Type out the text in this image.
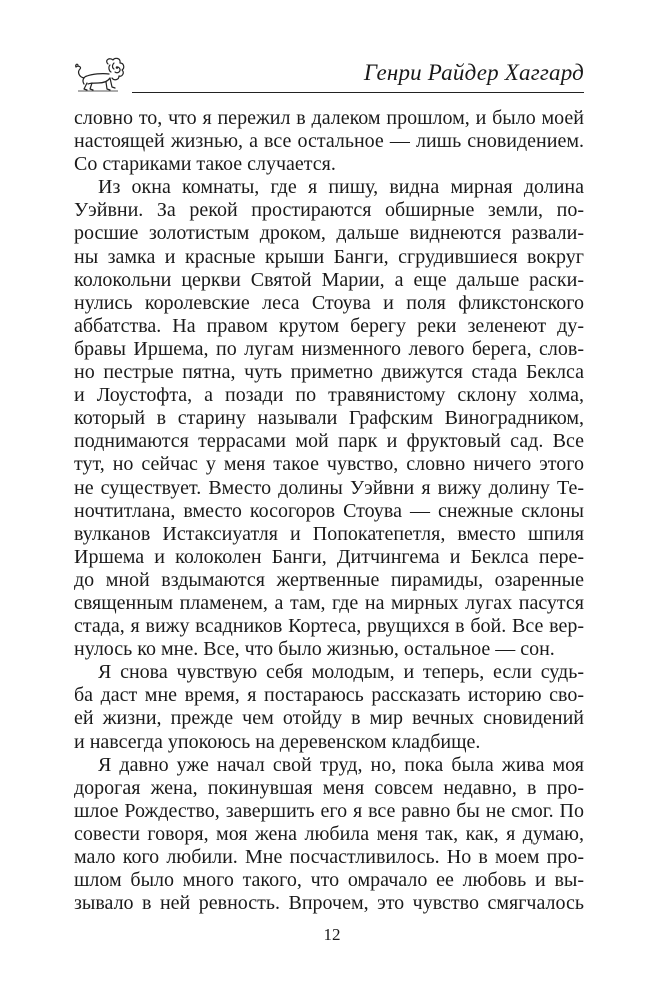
Генри Райдер Хаггард

словно то, что я пережил в далеком прошлом, и было моей
настоящей жизнью, а все остальное — лишь сновидением.
Со стариками такое случается.

Из окна комнаты, где я пишу, видна мирная долина
Уэйвни. За рекой простираются обширные земли, по-
росшие золотистым дроком, дальше виднеются развали-
ны замка и красные крыши Банги, сгрудившиеся вокруг
колокольни церкви Святой Марии, а еще дальше раски-
нулись королевские леса Стоува и поля фликстонского
аббатства. На правом крутом берегу реки зеленеют ду-
бравы Иршема, по лугам низменного левого берега, слов-
но пестрые пятна, чуть приметно движутся стада Беклса
и Лоустофта, а позади по травянистому склону холма,
который в старину называли Графским Виноградником,
поднимаются террасами мой парк и фруктовый сад. Все
тут, но сейчас у меня такое чувство, словно ничего этого
не существует. Вместо долины Уэйвни я вижу долину Те-
ночтитлана, вместо косогоров Стоува — снежные склоны
вулканов Истаксиуатля и Попокатепетля, вместо шпиля
Иршема и колоколен Банги, Дитчингема и Беклса пере-
до мной вздымаются жертвенные пирамиды, озаренные
священным пламенем, а там, где на мирных лугах пасутся
стада, я вижу всадников Кортеса, рвущихся в бой. Все вер-
нулось ко мне. Все, что было жизнью, остальное — сон.

Я снова чувствую себя молодым, и теперь, если судь-
ба даст мне время, я постараюсь рассказать историю сво-
ей жизни, прежде чем отойду в мир вечных сновидений
и навсегда упокоюсь на деревенском кладбище.

Я давно уже начал свой труд, но, пока была жива моя
дорогая жена, покинувшая меня совсем недавно, в про-
шлое Рождество, завершить его я все равно бы не смог. По
совести говоря, моя жена любила меня так, как, я думаю,
мало кого любили. Мне посчастливилось. Но в моем про-
шлом было много такого, что омрачало ее любовь и вы-
зывало в ней ревность. Впрочем, это чувство смягчалось

12
